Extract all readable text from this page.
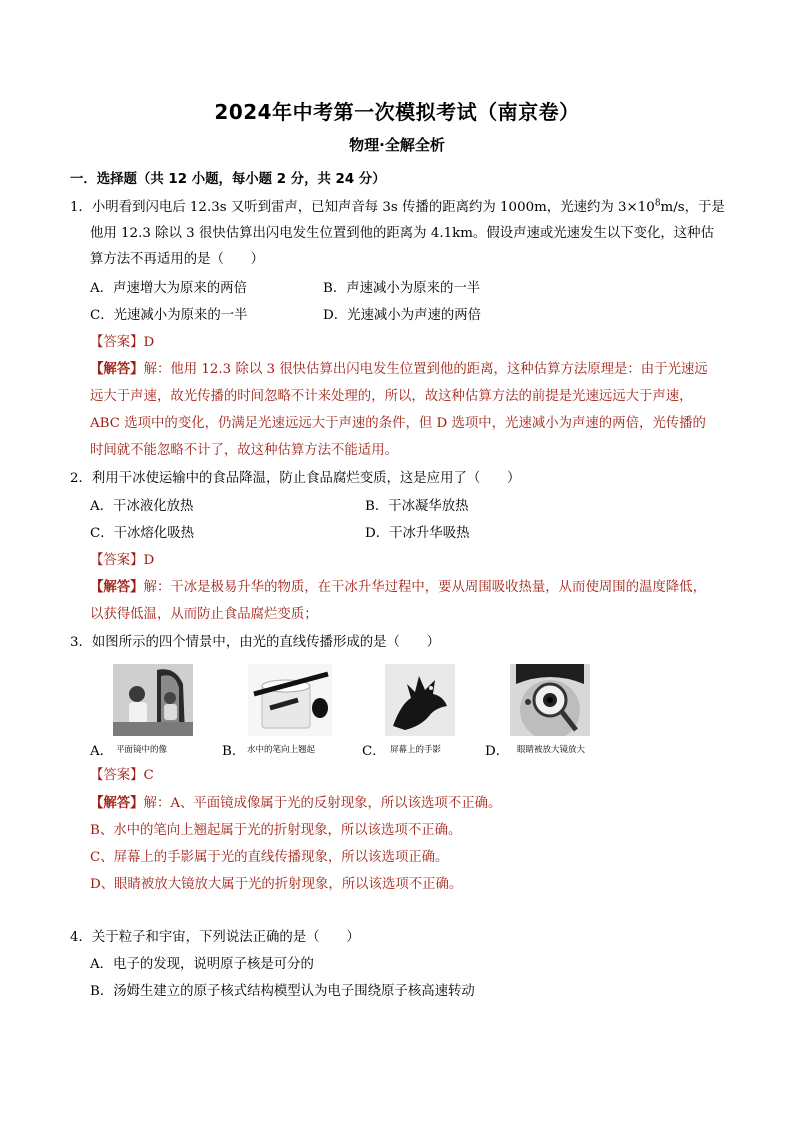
2024年中考第一次模拟考试（南京卷）
物理·全解全析
一．选择题（共 12 小题，每小题 2 分，共 24 分）
1．小明看到闪电后 12.3s 又听到雷声，已知声音每 3s 传播的距离约为 1000m，光速约为 $3\times 10^8m/s$，于是
他用 12.3 除以 3 很快估算出闪电发生位置到他的距离为 4.1km。假设声速或光速发生以下变化，这种估
算方法不再适用的是（　　）
A．声速增大为原来的两倍	B．声速减小为原来的一半
C．光速减小为原来的一半	D．光速减小为声速的两倍
【答案】D
【解答】解：他用 12.3 除以 3 很快估算出闪电发生位置到他的距离，这种估算方法原理是：由于光速远
远大于声速，故光传播的时间忽略不计来处理的，所以，故这种估算方法的前提是光速远远大于声速，
ABC 选项中的变化，仍满足光速远远大于声速的条件，但 D 选项中，光速减小为声速的两倍，光传播的
时间就不能忽略不计了，故这种估算方法不能适用。
2．利用干冰使运输中的食品降温，防止食品腐烂变质，这是应用了（　　）
A．干冰液化放热	B．干冰凝华放热
C．干冰熔化吸热	D．干冰升华吸热
【答案】D
【解答】解：干冰是极易升华的物质，在干冰升华过程中，要从周围吸收热量，从而使周围的温度降低，
以获得低温，从而防止食品腐烂变质；
3．如图所示的四个情景中，由光的直线传播形成的是（　　）
A． 平面镜中的像	B． 水中的笔向上翘起	C． 屏幕上的手影	D． 眼睛被放大镜放大
【答案】C
【解答】解：A、平面镜成像属于光的反射现象，所以该选项不正确。
B、水中的笔向上翘起属于光的折射现象，所以该选项不正确。
C、屏幕上的手影属于光的直线传播现象，所以该选项正确。
D、眼睛被放大镜放大属于光的折射现象，所以该选项不正确。
4．关于粒子和宇宙，下列说法正确的是（　　）
A．电子的发现，说明原子核是可分的
B．汤姆生建立的原子核式结构模型认为电子围绕原子核高速转动
